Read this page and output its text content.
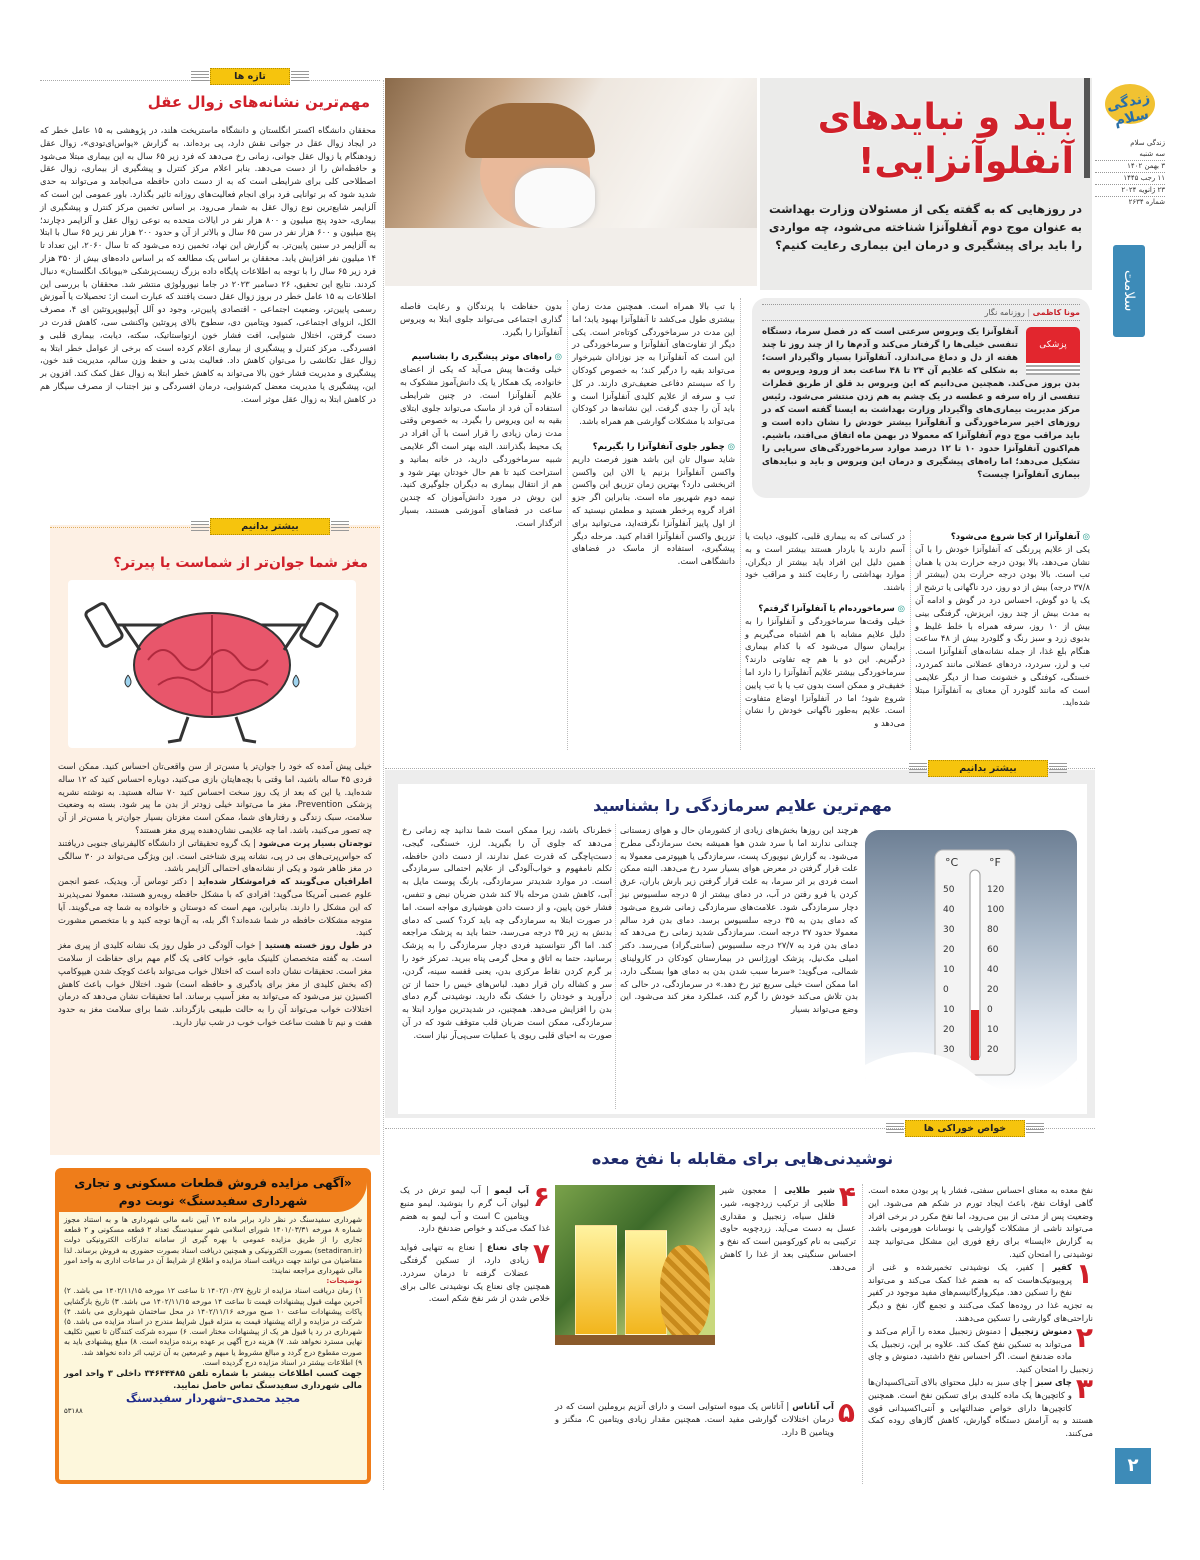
زندگی سلام
زندگی سلام
سه شنبه
۳ بهمن ۱۴۰۲
۱۱ رجب ۱۴۴۵
۲۳ ژانویه ۲۰۲۴
شماره ۲۶۳۴
سلامت
۲
باید و نبایدهای
آنفلوآنزایی!
در روزهایی که به گفته یکی از مسئولان وزارت بهداشت به عنوان موج دوم آنفلوآنزا شناخته می‌شود، چه مواردی را باید برای پیشگیری و درمان این بیماری رعایت کنیم؟
مونا کاظمی | روزنامه نگار
پزشکی
آنفلوآنزا یک ویروس سرعتی است که در فصل سرما، دستگاه تنفسی خیلی‌ها را گرفتار می‌کند و آدم‌ها را از چند روز تا چند هفته از دل و دماغ می‌اندازد. آنفلوآنزا بسیار واگیردار است؛ به شکلی که علایم آن ۲۴ تا ۴۸ ساعت بعد از ورود ویروس به بدن بروز می‌کند. همچنین می‌دانیم که این ویروس بد قلق از طریق قطرات تنفسی از راه سرفه و عطسه در یک چشم به هم زدن منتشر می‌شود. رئیس مرکز مدیریت بیماری‌های واگیردار وزارت بهداشت به ایسنا گفته است که در روزهای اخیر سرماخوردگی و آنفلوآنزا بیشتر خودش را نشان داده است و باید مراقب موج دوم آنفلوآنزا که معمولا در بهمن ماه اتفاق می‌افتد، باشیم. هم‌اکنون آنفلوآنزا حدود ۱۰ تا ۱۲ درصد موارد سرماخوردگی‌های سرپایی را تشکیل می‌دهد؛ اما راه‌های پیشگیری و درمان این ویروس و باید و نبایدهای بیماری آنفلوآنزا چیست؟
◎ آنفلوآنزا از کجا شروع می‌شود؟
یکی از علایم پررنگی که آنفلوآنزا خودش را با آن نشان می‌دهد، بالا بودن درجه حرارت بدن یا همان تب است. بالا بودن درجه حرارت بدن (بیشتر از ۳۷/۸ درجه) بیش از دو روز، درد ناگهانی یا ترشح از یک یا دو گوش، احساس درد در گوش و ادامه آن به مدت بیش از چند روز، ابریزش، گرفتگی بینی بیش از ۱۰ روز، سرفه همراه با خلط غلیظ و بدبوی زرد و سبز رنگ و گلودرد بیش از ۴۸ ساعت هنگام بلع غذا، از جمله نشانه‌های آنفلوآنزا است. تب و لرز، سردرد، دردهای عضلانی مانند کمردرد، خستگی، کوفتگی و خشونت صدا از دیگر علایمی است که مانند گلودرد آن معنای به آنفلوآنزا مبتلا شده‌اید.
در کسانی که به بیماری قلبی، کلیوی، دیابت یا آسم دارند یا باردار هستند بیشتر است و به همین دلیل این افراد باید بیشتر از دیگران، موارد بهداشتی را رعایت کنند و مراقب خود باشند.
◎ سرماخورده‌ام یا آنفلوآنزا گرفتم؟
خیلی وقت‌ها سرماخوردگی و آنفلوآنزا را به دلیل علایم مشابه با هم اشتباه می‌گیریم و برایمان سوال می‌شود که با کدام بیماری درگیریم. این دو با هم چه تفاوتی دارند؟ سرماخوردگی بیشتر علایم آنفلوآنزا را دارد اما خفیف‌تر و ممکن است بدون تب یا با تب پایین شروع شود؛ اما در آنفلوآنزا اوضاع متفاوت است. علایم به‌طور ناگهانی خودش را نشان می‌دهد و
با تب بالا همراه است. همچنین مدت زمان بیشتری طول می‌کشد تا آنفلوآنزا بهبود یابد؛ اما این مدت در سرماخوردگی کوتاه‌تر است. یکی دیگر از تفاوت‌های آنفلوآنزا و سرماخوردگی در این است که آنفلوآنزا به جز نوزادان شیرخوار می‌تواند بقیه را درگیر کند؛ به خصوص کودکان را که سیستم دفاعی ضعیف‌تری دارند. در کل تب و سرفه از علایم کلیدی آنفلوآنزا است و باید آن را جدی گرفت. این نشانه‌ها در کودکان می‌تواند با مشکلات گوارشی هم همراه باشد.
◎ چطور جلوی آنفلوآنزا را بگیریم؟
شاید سوال تان این باشد هنوز فرصت داریم واکسن آنفلوآنزا بزنیم یا الان این واکسن اثربخشی دارد؟ بهترین زمان تزریق این واکسن نیمه دوم شهریور ماه است. بنابراین اگر جزو افراد گروه پرخطر هستید و مطمئن نیستید که از اول پاییز آنفلوآنزا نگرفته‌اید، می‌توانید برای تزریق واکسن آنفلوآنزا اقدام کنید. مرحله دیگر پیشگیری، استفاده از ماسک در فضاهای دانشگاهی است.
بدون حفاظت با پرندگان و رعایت فاصله گذاری اجتماعی می‌تواند جلوی ابتلا به ویروس آنفلوآنزا را بگیرد.
◎ راه‌های موثر پیشگیری را بشناسیم
خیلی وقت‌ها پیش می‌آید که یکی از اعضای خانواده، یک همکار یا یک دانش‌آموز مشکوک به علایم آنفلوآنزا است. در چنین شرایطی استفاده آن فرد از ماسک می‌تواند جلوی ابتلای بقیه به این ویروس را بگیرد. به خصوص وقتی مدت زمان زیادی را قرار است با آن افراد در یک محیط بگذرانند. البته بهتر است اگر علایمی شبیه سرماخوردگی دارید، در خانه بمانید و استراحت کنید تا هم حال خودتان بهتر شود و هم از انتقال بیماری به دیگران جلوگیری کنید. این روش در مورد دانش‌آموزان که چندین ساعت در فضاهای آموزشی هستند، بسیار اثرگذار است.
تازه ها
مهم‌ترین نشانه‌های زوال عقل
محققان دانشگاه اکستر انگلستان و دانشگاه ماستریخت هلند، در پژوهشی به ۱۵ عامل خطر که در ایجاد زوال عقل در جوانی نقش دارد، پی برده‌اند. به گزارش «یواس‌ای‌تودی»، زوال عقل زودهنگام یا زوال عقل جوانی، زمانی رخ می‌دهد که فرد زیر ۶۵ سال به این بیماری مبتلا می‌شود و حافظه‌اش را از دست می‌دهد. بنابر اعلام مرکز کنترل و پیشگیری از بیماری، زوال عقل اصطلاحی کلی برای شرایطی است که به از دست دادن حافظه می‌انجامد و می‌تواند به حدی شدید شود که بر توانایی فرد برای انجام فعالیت‌های روزانه تاثیر بگذارد. باور عمومی این است که آلزایمر شایع‌ترین نوع زوال عقل به شمار می‌رود. بر اساس تخمین مرکز کنترل و پیشگیری از بیماری، حدود پنج میلیون و ۸۰۰ هزار نفر در ایالات متحده به نوعی زوال عقل و آلزایمر دچارند؛ پنج میلیون و ۶۰۰ هزار نفر در سن ۶۵ سال و بالاتر از آن و حدود ۲۰۰ هزار نفر زیر ۶۵ سال با ابتلا به آلزایمر در سنین پایین‌تر. به گزارش این نهاد، تخمین زده می‌شود که تا سال ۲۰۶۰، این تعداد تا ۱۴ میلیون نفر افزایش یابد. محققان بر اساس یک مطالعه که بر اساس داده‌های بیش از ۳۵۰ هزار فرد زیر ۶۵ سال را با توجه به اطلاعات پایگاه داده بزرگ زیست‌پزشکی «بیوبانک انگلستان» دنبال کردند. نتایج این تحقیق، ۲۶ دسامبر ۲۰۲۳ در جاما نیورولوژی منتشر شد. محققان با بررسی این اطلاعات به ۱۵ عامل خطر در بروز زوال عقل دست یافتند که عبارت است از: تحصیلات یا آموزش رسمی پایین‌تر، وضعیت اجتماعی - اقتصادی پایین‌تر، وجود دو آلل آپولیپوپروتئین ای ۴، مصرف الکل، انزوای اجتماعی، کمبود ویتامین دی، سطوح بالای پروتئین واکنشی سی، کاهش قدرت در دست گرفتن، اختلال شنوایی، افت فشار خون ارتواستاتیک، سکته، دیابت، بیماری قلبی و افسردگی. مرکز کنترل و پیشگیری از بیماری اعلام کرده است که برخی از عوامل خطر ابتلا به زوال عقل تکانشی را می‌توان کاهش داد. فعالیت بدنی و حفظ وزن سالم، مدیریت قند خون، پیشگیری و مدیریت فشار خون بالا می‌تواند به کاهش خطر ابتلا به زوال عقل کمک کند. افزون بر این، پیشگیری یا مدیریت معضل کم‌شنوایی، درمان افسردگی و نیز اجتناب از مصرف سیگار هم در کاهش ابتلا به زوال عقل موثر است.
بیشتر بدانیم
مغز شما جوان‌تر از شماست یا پیرتر؟
خیلی پیش آمده که خود را جوان‌تر یا مسن‌تر از سن واقعی‌تان احساس کنید. ممکن است فردی ۴۵ ساله باشید، اما وقتی با بچه‌هایتان بازی می‌کنید، دوباره احساس کنید که ۱۲ ساله شده‌اید. یا این که بعد از یک روز سخت احساس کنید ۷۰ ساله هستید. به نوشته نشریه پزشکی Prevention، مغز ما می‌تواند خیلی زودتر از بدن ما پیر شود. بسته به وضعیت سلامت، سبک زندگی و رفتارهای شما، ممکن است مغزتان بسیار جوان‌تر یا مسن‌تر از آن چه تصور می‌کنید، باشد. اما چه علایمی نشان‌دهنده پیری مغز هستند؟
توجه‌تان بسیار پرت می‌شود | یک گروه تحقیقاتی از دانشگاه کالیفرنیای جنوبی دریافتند که حواس‌پرتی‌های بی در پی، نشانه پیری شناختی است. این ویژگی می‌تواند در ۳۰ سالگی در مغز ظاهر شود و یکی از نشانه‌های احتمالی آلزایمر باشد.
اطرافیان می‌گویند که فراموشکار شده‌اید | دکتر توماس آر. ویدیک، عضو انجمن علوم عصبی آمریکا می‌گوید: افرادی که با مشکل حافظه روبه‌رو هستند، معمولا نمی‌پذیرند که این مشکل را دارند. بنابراین، مهم است که دوستان و خانواده به شما چه می‌گویند. آیا متوجه مشکلات حافظه در شما شده‌اند؟ اگر بله، به آن‌ها توجه کنید و با متخصص مشورت کنید.
در طول روز خسته هستید | خواب آلودگی در طول روز یک نشانه کلیدی از پیری مغز است. به گفته متخصصان کلینیک مایو، خواب کافی یک گام مهم برای حفاظت از سلامت مغز است. تحقیقات نشان داده است که اختلال خواب می‌تواند باعث کوچک شدن هیپوکامپ (که بخش کلیدی از مغز برای یادگیری و حافظه است) شود. اختلال خواب باعث کاهش اکسیژن نیز می‌شود که می‌تواند به مغز آسیب برساند. اما تحقیقات نشان می‌دهد که درمان اختلالات خواب می‌تواند آن را به حالت طبیعی بازگرداند. شما برای سلامت مغز به حدود هفت و نیم تا هشت ساعت خواب خوب در شب نیاز دارید.
«آگهی مزایده فروش قطعات مسکونی و تجاری شهرداری سفیدسنگ» نوبت دوم
شهرداری سفیدسنگ در نظر دارد برابر ماده ۱۳ آیین نامه مالی شهرداری ها و به استناد مجوز شماره ۸ مورخه ۱۴۰۱/۰۳/۳۱ شورای اسلامی شهر سفیدسنگ تعداد ۲ قطعه مسکونی و ۲ قطعه تجاری را از طریق مزایده عمومی با بهره گیری از سامانه تدارکات الکترونیکی دولت (setadiran.ir) بصورت الکترونیکی و همچنین دریافت اسناد بصورت حضوری به فروش برساند. لذا متقاضیان می توانند جهت دریافت اسناد مزایده و اطلاع از شرایط آن در ساعات اداری به واحد امور مالی شهرداری مراجعه نمایند:
توضیحات:
۱) زمان دریافت اسناد مزایده از تاریخ ۱۴۰۲/۱۰/۲۷ تا ساعت ۱۲ مورخه ۱۴۰۲/۱۱/۱۵ می باشد. ۲) آخرین مهلت قبول پیشنهادات قیمت تا ساعت ۱۴ مورخه ۱۴۰۲/۱۱/۱۵ می باشد. ۳) تاریخ بازگشایی پاکات پیشنهادات ساعت ۱۰ صبح مورخه ۱۴۰۲/۱۱/۱۶ در محل ساختمان شهرداری می باشد. ۴) شرکت در مزایده و ارائه پیشنهاد قیمت به منزله قبول شرایط مندرج در اسناد مزایده می باشد. ۵) شهرداری در رد یا قبول هر یک از پیشنهادات مختار است. ۶) سپرده شرکت کنندگان تا تعیین تکلیف نهایی مسترد نخواهد شد. ۷) هزینه درج آگهی بر عهده برنده مزایده است. ۸) مبلغ پیشنهادی باید به صورت مقطوع درج گردد و مبالغ مشروط یا مبهم و غیرمعین به آن ترتیب اثر داده نخواهد شد.
۹) اطلاعات بیشتر در اسناد مزایده درج گردیده است.
جهت کسب اطلاعات بیشتر با شماره تلفن ۳۴۶۴۴۴۸۵ داخلی ۳ واحد امور مالی شهرداری سفیدسنگ تماس حاصل نمایید.
مجید محمدی–شهردار سفیدسنگ
۵۳۱۸۸
بیشتر بدانیم
مهم‌ترین علایم سرمازدگی را بشناسید
°C	°F
50	120
40	100
30	80
20	60
10	40
0	20
10	0
20	10
30	20
هرچند این روزها بخش‌های زیادی از کشورمان حال و هوای زمستانی چندانی ندارند اما با سرد شدن هوا همیشه بحث سرمازدگی مطرح می‌شود. به گزارش نیویورک پست، سرمازدگی یا هیپوترمی معمولا به علت قرار گرفتن در معرض هوای بسیار سرد رخ می‌دهد. البته ممکن است فردی بر اثر سرما، به علت قرار گرفتن زیر بارش باران، عرق کردن یا فرو رفتن در آب، در دمای بیشتر از ۵ درجه سلسیوس نیز دچار سرمازدگی شود. علامت‌های سرمازدگی زمانی شروع می‌شود که دمای بدن به ۳۵ درجه سلسیوس برسد. دمای بدن فرد سالم معمولا حدود ۳۷ درجه است. سرمازدگی شدید زمانی رخ می‌دهد که دمای بدن فرد به ۲۷/۷ درجه سلسیوس (سانتی‌گراد) می‌رسد. دکتر امیلی مک‌نیل، پزشک اورژانس در بیمارستان کودکان در کارولینای شمالی، می‌گوید: «سرما سبب شدن بدن به دمای هوا بستگی دارد، اما ممکن است خیلی سریع تیز رخ دهد.» در سرمازدگی، در حالی که بدن تلاش می‌کند خودش را گرم کند، عملکرد مغز کند می‌شود. این وضع می‌تواند بسیار
خطرناک باشد، زیرا ممکن است شما ندانید چه زمانی رخ می‌دهد که جلوی آن را بگیرید. لرز، خستگی، گیجی، دست‌پاچگی که قدرت عمل ندارند، از دست دادن حافظه، تکلم نامفهوم و خواب‌آلودگی از علایم احتمالی سرمازدگی است. در موارد شدیدتر سرمازدگی، بارنگ پوست مایل به آبی، کاهش شدن مرحله بالا کند شدن ضربان نبض و تنفس، فشار خون پایین، و از دست دادن هوشیاری مواجه است. اما در صورت ابتلا به سرمازدگی چه باید کرد؟ کسی که دمای بدنش به زیر ۳۵ درجه می‌رسد، حتما باید به پزشک مراجعه کند. اما اگر نتوانستید فردی دچار سرمازدگی را به پزشک برسانید، حتما به اتاق و محل گرمی پناه ببرید. تمرکز خود را بر گرم کردن نقاط مرکزی بدن، یعنی قفسه سینه، گردن، سر و کشاله ران قرار دهید. لباس‌های خیس را حتما از تن درآورید و خودتان را خشک نگه دارید. نوشیدنی گرم دمای بدن را افزایش می‌دهد. همچنین، در شدیدترین موارد ابتلا به سرمازدگی، ممکن است ضربان قلب متوقف شود که در آن صورت به احیای قلبی ریوی یا عملیات سی‌پی‌آر نیاز است.
خواص خوراکی ها
نوشیدنی‌هایی برای مقابله با نفخ معده
نفخ معده به معنای احساس سفتی، فشار یا پر بودن معده است. گاهی اوقات نفخ، باعث ایجاد تورم در شکم هم می‌شود. این وضعیت پس از مدتی از بین می‌رود، اما نفخ مکرر در برخی افراد می‌تواند ناشی از مشکلات گوارشی یا نوسانات هورمونی باشد. به گزارش «ایسنا» برای رفع فوری این مشکل می‌توانید چند نوشیدنی را امتحان کنید.
۱
کفیر | کفیر، یک نوشیدنی تخمیرشده و غنی از پروبیوتیک‌هاست که به هضم غذا کمک می‌کند و می‌تواند نفخ را تسکین دهد. میکروارگانیسم‌های مفید موجود در کفیر به تجزیه غذا در روده‌ها کمک می‌کنند و تجمع گاز، نفخ و دیگر ناراحتی‌های گوارشی را تسکین می‌دهند.
۲
دمنوش زنجبیل | دمنوش زنجبیل معده را آرام می‌کند و می‌تواند به تسکین نفخ کمک کند. علاوه بر این، زنجبیل یک ماده ضدنفخ است. اگر احساس نفخ داشتید، دمنوش و چای زنجبیل را امتحان کنید.
۳
چای سبز | چای سبز به دلیل محتوای بالای آنتی‌اکسیدان‌ها و کاتچین‌ها یک ماده کلیدی برای تسکین نفخ است. همچنین کاتچین‌ها دارای خواص ضدالتهابی و آنتی‌اکسیدانی قوی هستند و به آرامش دستگاه گوارش، کاهش گازهای روده کمک می‌کنند.
۴
شیر طلایی | معجون شیر طلایی از ترکیب زردچوبه، شیر، فلفل سیاه، زنجبیل و مقداری عسل به دست می‌آید. زردچوبه حاوی ترکیبی به نام کورکومین است که نفخ و احساس سنگینی بعد از غذا را کاهش می‌دهد.
۵
آب آناناس | آناناس یک میوه استوایی است و دارای آنزیم بروملین است که در درمان اختلالات گوارشی مفید است. همچنین مقدار زیادی ویتامین C، منگنز و ویتامین B دارد.
۶
آب لیمو | آب لیمو ترش در یک لیوان آب گرم را بنوشید. لیمو منبع ویتامین C است و آب لیمو به هضم غذا کمک می‌کند و خواص ضدنفخ دارد.
۷
چای نعناع | نعناع به تنهایی فواید زیادی دارد، از تسکین گرفتگی عضلات گرفته تا درمان سردرد. همچنین چای نعناع یک نوشیدنی عالی برای خلاص شدن از شر نفخ شکم است.
